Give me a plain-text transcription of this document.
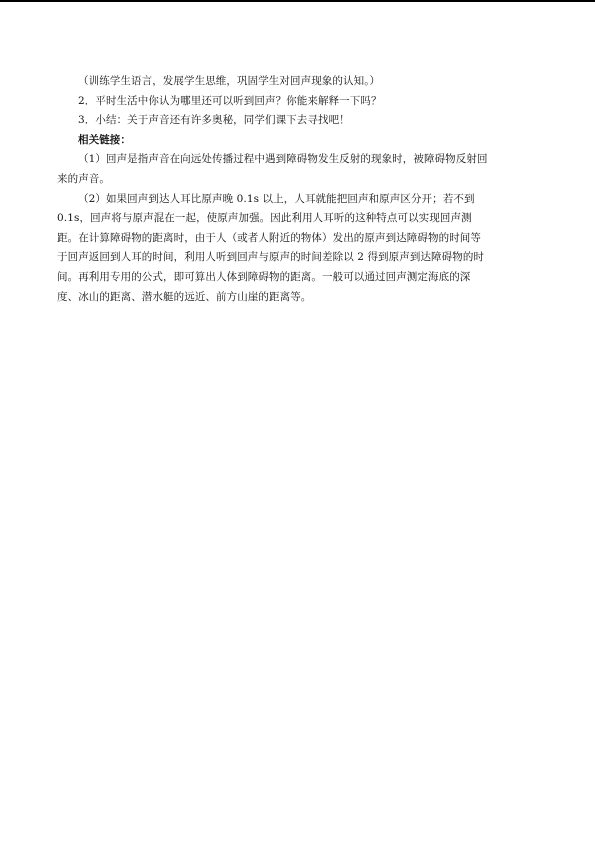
（训练学生语言，发展学生思维，巩固学生对回声现象的认知。）
2．平时生活中你认为哪里还可以听到回声？你能来解释一下吗？
3．小结：关于声音还有许多奥秘，同学们课下去寻找吧！
相关链接：
（1）回声是指声音在向远处传播过程中遇到障碍物发生反射的现象时，被障碍物反射回
来的声音。
（2）如果回声到达人耳比原声晚 0.1s 以上，人耳就能把回声和原声区分开；若不到
0.1s，回声将与原声混在一起，使原声加强。因此利用人耳听的这种特点可以实现回声测
距。在计算障碍物的距离时，由于人（或者人附近的物体）发出的原声到达障碍物的时间等
于回声返回到人耳的时间，利用人听到回声与原声的时间差除以 2 得到原声到达障碍物的时
间。再利用专用的公式，即可算出人体到障碍物的距离。一般可以通过回声测定海底的深
度、冰山的距离、潜水艇的远近、前方山崖的距离等。
